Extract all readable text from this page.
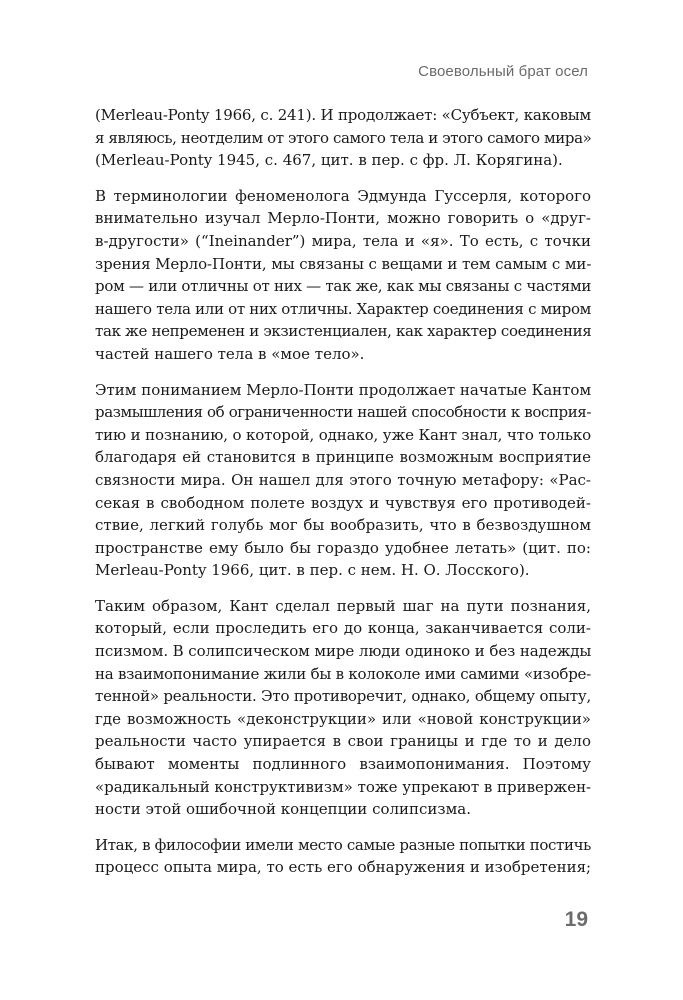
Своевольный брат осел

(Merleau-Ponty 1966, с. 241). И продолжает: «Субъект, каковым
я являюсь, неотделим от этого самого тела и этого самого мира»
(Merleau-Ponty 1945, с. 467, цит. в пер. с фр. Л. Корягина).

В терминологии феноменолога Эдмунда Гуссерля, которого
внимательно изучал Мерло-Понти, можно говорить о «друг-
в-другости» (“Ineinander”) мира, тела и «я». То есть, с точки
зрения Мерло-Понти, мы связаны с вещами и тем самым с ми-
ром — или отличны от них — так же, как мы связаны с частями
нашего тела или от них отличны. Характер соединения с миром
так же непременен и экзистенциален, как характер соединения
частей нашего тела в «мое тело».

Этим пониманием Мерло-Понти продолжает начатые Кантом
размышления об ограниченности нашей способности к восприя-
тию и познанию, о которой, однако, уже Кант знал, что только
благодаря ей становится в принципе возможным восприятие
связности мира. Он нашел для этого точную метафору: «Рас-
секая в свободном полете воздух и чувствуя его противодей-
ствие, легкий голубь мог бы вообразить, что в безвоздушном
пространстве ему было бы гораздо удобнее летать» (цит. по:
Merleau-Ponty 1966, цит. в пер. с нем. Н. О. Лосского).

Таким образом, Кант сделал первый шаг на пути познания,
который, если проследить его до конца, заканчивается соли-
пcизмом. В солипсическом мире люди одиноко и без надежды
на взаимопонимание жили бы в колоколе ими самими «изобре-
тенной» реальности. Это противоречит, однако, общему опыту,
где возможность «деконструкции» или «новой конструкции»
реальности часто упирается в свои границы и где то и дело
бывают моменты подлинного взаимопонимания. Поэтому
«радикальный конструктивизм» тоже упрекают в привержен-
ности этой ошибочной концепции солипсизма.

Итак, в философии имели место самые разные попытки постичь
процесс опыта мира, то есть его обнаружения и изобретения;

19
